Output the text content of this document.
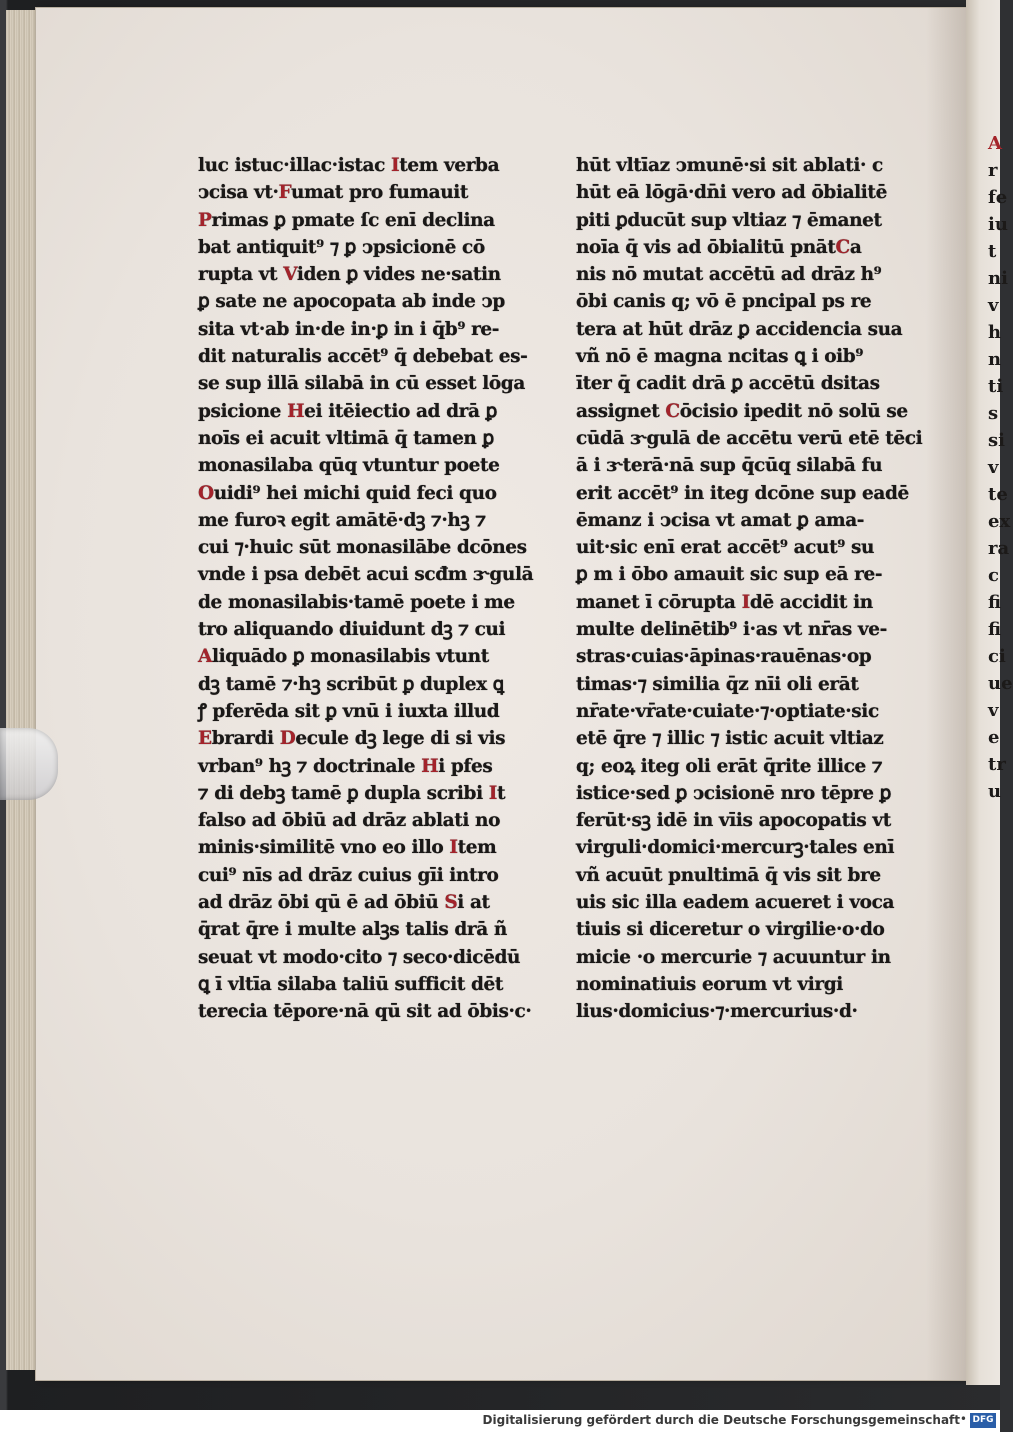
A
r
fe
iu
t
ni
v
h
n
ti
s
si
v
te
ex
ra
c
fi
fi
ci
ue
v
e
tr
u
luc istuc·illac·istac Item verba
ↄcisa vt·Fumat pro fumauit
Primas ꝑ pmate ſc enī declina
bat antiquit⁹ ⁊ ꝑ ↄpsicionē cō
rupta vt Viden ꝑ vides ne·satin
ꝑ sate ne apocopata ab inde ↄp
sita vt·ab in·de in·ꝑ in i q̄b⁹ re-
dit naturalis accēt⁹ q̄ debebat es-
se sup illā silabā in cū esset lōga
psicione Hei itēiectio ad drā ꝑ
noīs ei acuit vltimā q̄ tamen ꝑ
monasilaba qūq̧ vtuntur poete
Ouidi⁹ hei michi quid feci quo
me furoꝛ egit amātē·dꝫ ⁊·hꝫ ⁊
cui ⁊·huic sūt monasilābe dcōnes
vnde i psa debēt acui scđm ɝgulā
de monasilabis·tamē poete i me
tro aliquando diuidunt dꝫ ⁊ cui
Aliquādo ꝑ monasilabis vtunt
dꝫ tamē ⁊·hꝫ scribūt ꝑ duplex ꝗ
ꝭ pferēda sit ꝑ vnū i iuxta illud
Ebrardi Decule dꝫ lege di si vis
vrban⁹ hꝫ ⁊ doctrinale Hi pfes
⁊ di debꝫ tamē ꝑ dupla scribi It
falso ad ōbiū ad drāz ablati no
minis·similitē vno eo illo Item
cui⁹ nīs ad drāz cuius gīi intro
ad drāz ōbi qū ē ad ōbiū Si at
q̄rat q̄re i multe alꝫs talis drā ñ
seuat vt modo·cito ⁊ seco·dicēdū
ꝗ ī vltīa silaba taliū sufficit dēt
terecia tēpore·nā qū sit ad ōbis·c·
hūt vltīaz ↄmunē·si sit ablati· c
hūt eā lōgā·dn̄i vero ad ōbialitē
piti ꝑducūt sup vltiaz ⁊ ēmanet
noīa q̄ vis ad ōbialitū pnātCa
nis nō mutat accētū ad drāz h⁹
ōbi canis q; vō ē pncipal ps re
tera at hūt drāz ꝑ accidencia sua
vñ nō ē magna ncitas ꝗ i oib⁹
īter q̄ cadit drā ꝑ accētū dsitas
assignet Cōcisio ipedit nō solū se
cūdā ɝgulā de accētu verū etē tēci
ā i ɝterā·nā sup q̄cūq̧ silabā fu
erit accēt⁹ in iteg dcōne sup eadē
ēmanz i ↄcisa vt amat ꝑ ama-
uit·sic enī erat accēt⁹ acut⁹ su
ꝑ m i ōbo amauit sic sup eā re-
manet ī cōrupta Idē accidit in
multe delinētib⁹ i·as vt nr̄as ve-
stras·cuias·āpinas·rauēnas·op
timas·⁊ similia q̄z nīi oli erāt
nr̄ate·vr̄ate·cuiate·⁊·optiate·sic
etē q̄re ⁊ illic ⁊ istic acuit vltiaz
q; eoꝝ iteg oli erāt q̄rite illice ⁊
istice·sed ꝑ ↄcisionē nro tēpre ꝑ
ferūt·sꝫ idē in vīis apocopatis vt
virguli·domici·mercurꝫ·tales enī
vñ acuūt pnultimā q̄ vis sit bre
uis sic illa eadem acueret i voca
tiuis si diceretur o virgilie·o·do
micie ·o mercurie ⁊ acuuntur in
nominatiuis eorum vt virgi
lius·domicius·⁊·mercurius·d·
Digitalisierung gefördert durch die Deutsche Forschungsgemeinschaft • DFG
